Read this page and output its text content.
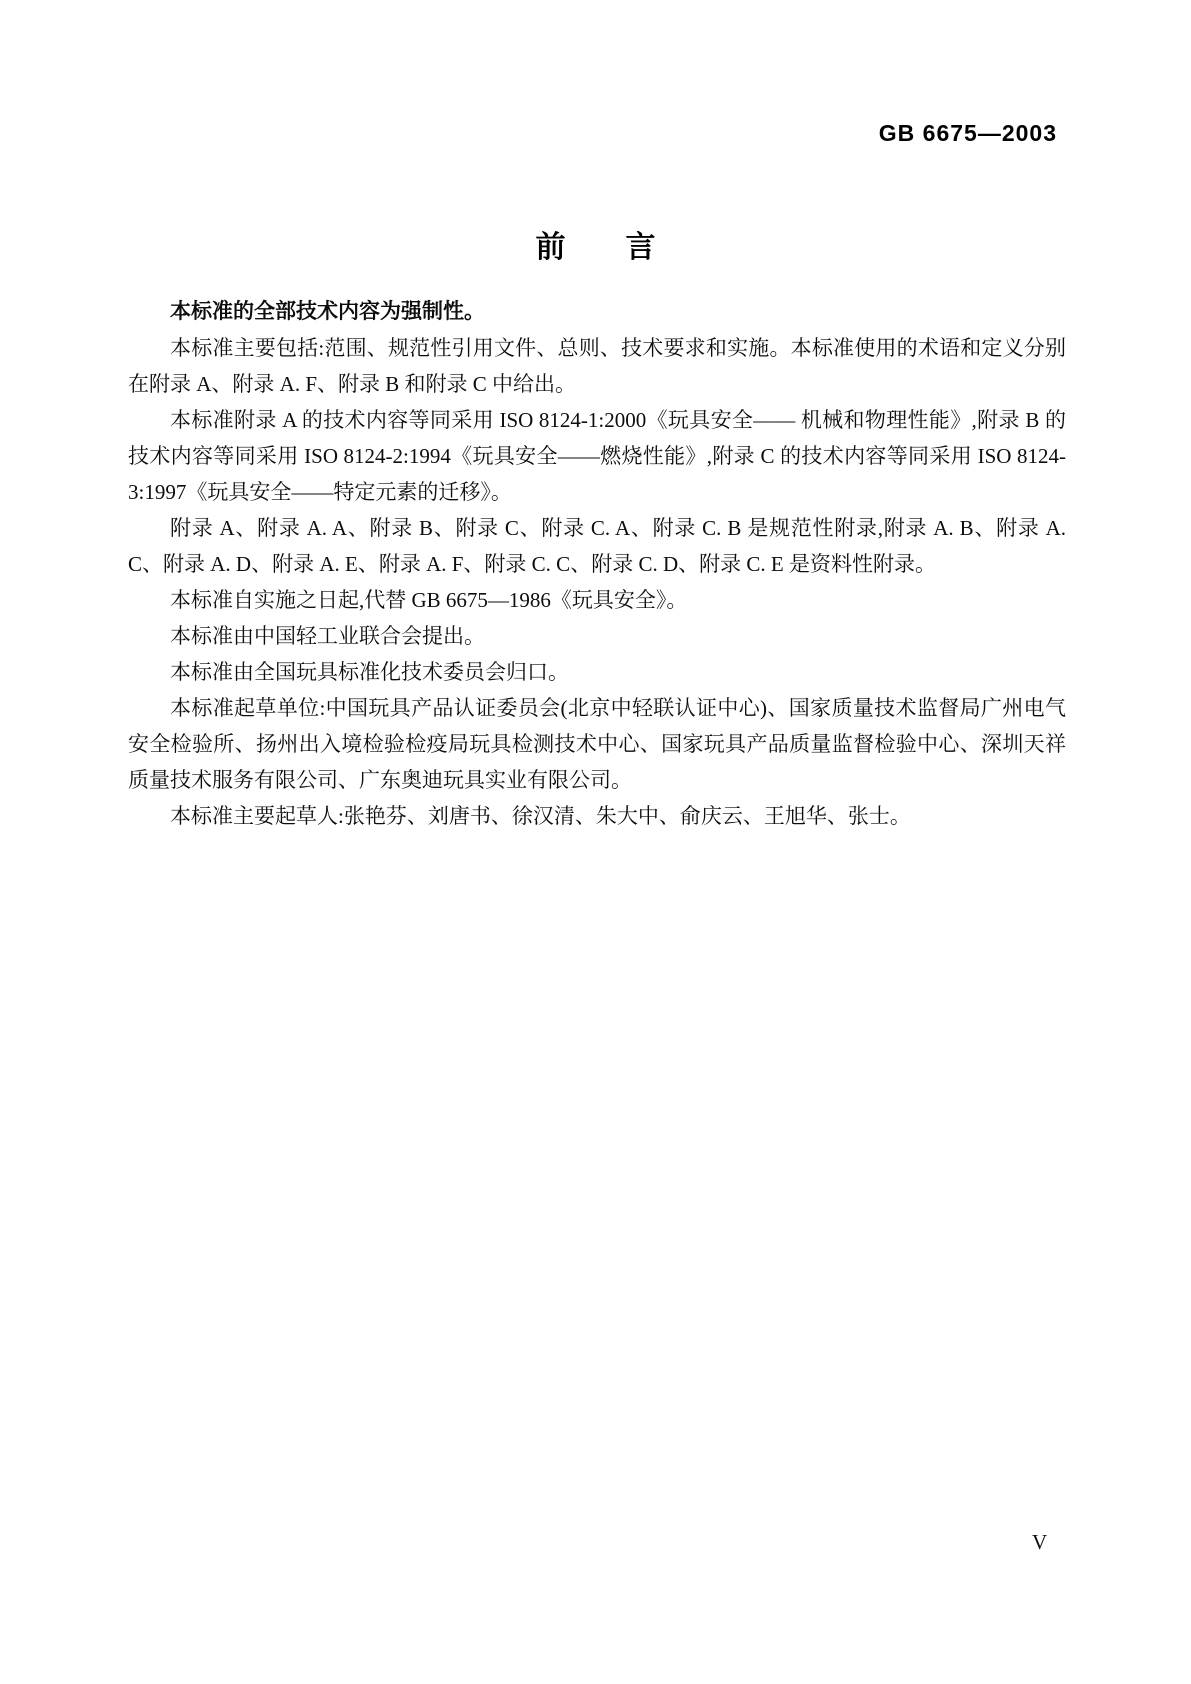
GB 6675—2003
前　　言

本标准的全部技术内容为强制性。

本标准主要包括:范围、规范性引用文件、总则、技术要求和实施。本标准使用的术语和定义分别在附录 A、附录 A. F、附录 B 和附录 C 中给出。

本标准附录 A 的技术内容等同采用 ISO 8124-1:2000《玩具安全—— 机械和物理性能》,附录 B 的技术内容等同采用 ISO 8124-2:1994《玩具安全——燃烧性能》,附录 C 的技术内容等同采用 ISO 8124-3:1997《玩具安全——特定元素的迁移》。

附录 A、附录 A. A、附录 B、附录 C、附录 C. A、附录 C. B 是规范性附录,附录 A. B、附录 A. C、附录 A. D、附录 A. E、附录 A. F、附录 C. C、附录 C. D、附录 C. E 是资料性附录。

本标准自实施之日起,代替 GB 6675—1986《玩具安全》。

本标准由中国轻工业联合会提出。

本标准由全国玩具标准化技术委员会归口。

本标准起草单位:中国玩具产品认证委员会(北京中轻联认证中心)、国家质量技术监督局广州电气安全检验所、扬州出入境检验检疫局玩具检测技术中心、国家玩具产品质量监督检验中心、深圳天祥质量技术服务有限公司、广东奥迪玩具实业有限公司。

本标准主要起草人:张艳芬、刘唐书、徐汉清、朱大中、俞庆云、王旭华、张士。

V
